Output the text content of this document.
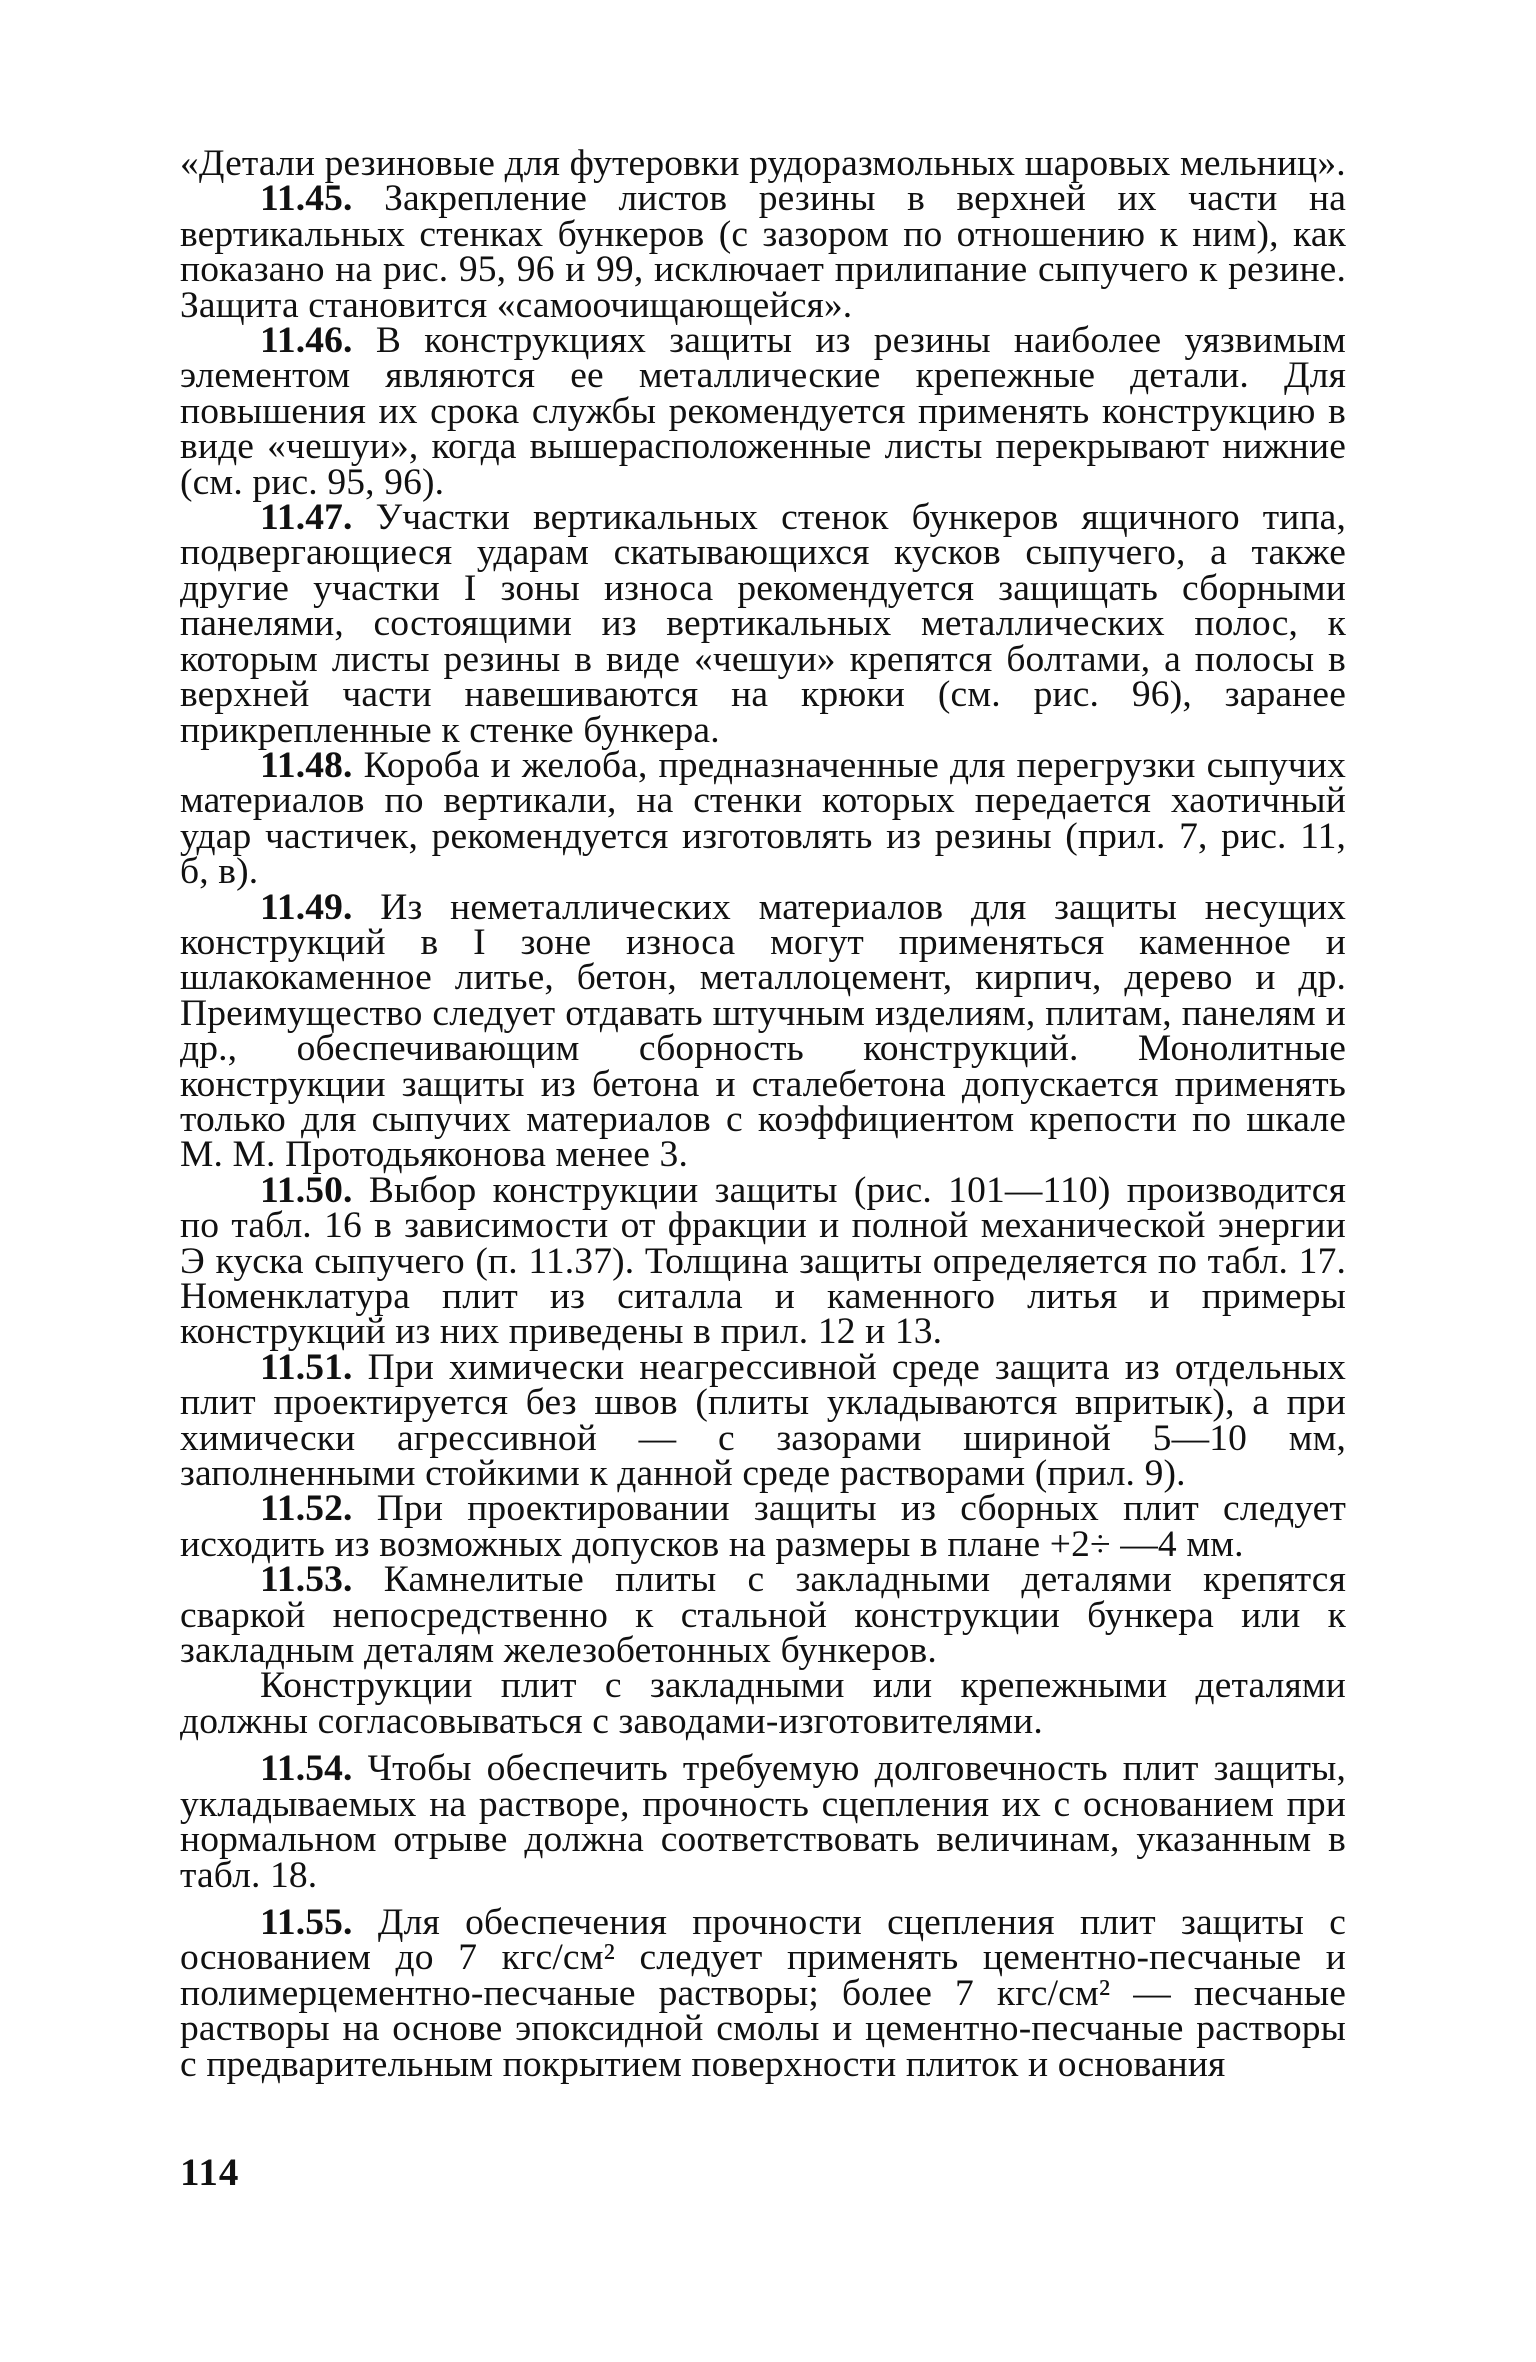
«Детали резиновые для футеровки рудоразмольных шаровых мельниц».

11.45. Закрепление листов резины в верхней их части на вертикальных стенках бункеров (с зазором по отношению к ним), как показано на рис. 95, 96 и 99, исключает прилипание сыпучего к резине. Защита становится «самоочищающейся».

11.46. В конструкциях защиты из резины наиболее уязвимым элементом являются ее металлические крепежные детали. Для повышения их срока службы рекомендуется применять конструкцию в виде «чешуи», когда вышерасположенные листы перекрывают нижние (см. рис. 95, 96).

11.47. Участки вертикальных стенок бункеров ящичного типа, подвергающиеся ударам скатывающихся кусков сыпучего, а также другие участки I зоны износа рекомендуется защищать сборными панелями, состоящими из вертикальных металлических полос, к которым листы резины в виде «чешуи» крепятся болтами, а полосы в верхней части навешиваются на крюки (см. рис. 96), заранее прикрепленные к стенке бункера.

11.48. Короба и желоба, предназначенные для перегрузки сыпучих материалов по вертикали, на стенки которых передается хаотичный удар частичек, рекомендуется изготовлять из резины (прил. 7, рис. 11, б, в).

11.49. Из неметаллических материалов для защиты несущих конструкций в I зоне износа могут применяться каменное и шлакокаменное литье, бетон, металлоцемент, кирпич, дерево и др. Преимущество следует отдавать штучным изделиям, плитам, панелям и др., обеспечивающим сборность конструкций. Монолитные конструкции защиты из бетона и сталебетона допускается применять только для сыпучих материалов с коэффициентом крепости по шкале М. М. Протодьяконова менее 3.

11.50. Выбор конструкции защиты (рис. 101—110) производится по табл. 16 в зависимости от фракции и полной механической энергии Э куска сыпучего (п. 11.37). Толщина защиты определяется по табл. 17. Номенклатура плит из ситалла и каменного литья и примеры конструкций из них приведены в прил. 12 и 13.

11.51. При химически неагрессивной среде защита из отдельных плит проектируется без швов (плиты укладываются впритык), а при химически агрессивной — с зазорами шириной 5—10 мм, заполненными стойкими к данной среде растворами (прил. 9).

11.52. При проектировании защиты из сборных плит следует исходить из возможных допусков на размеры в плане +2÷ —4 мм.

11.53. Камнелитые плиты с закладными деталями крепятся сваркой непосредственно к стальной конструкции бункера или к закладным деталям железобетонных бункеров.

Конструкции плит с закладными или крепежными деталями должны согласовываться с заводами-изготовителями.

11.54. Чтобы обеспечить требуемую долговечность плит защиты, укладываемых на растворе, прочность сцепления их с основанием при нормальном отрыве должна соответствовать величинам, указанным в табл. 18.

11.55. Для обеспечения прочности сцепления плит защиты с основанием до 7 кгс/см² следует применять цементно-песчаные и полимерцементно-песчаные растворы; более 7 кгс/см² — песчаные растворы на основе эпоксидной смолы и цементно-песчаные растворы с предварительным покрытием поверхности плиток и основания

114
